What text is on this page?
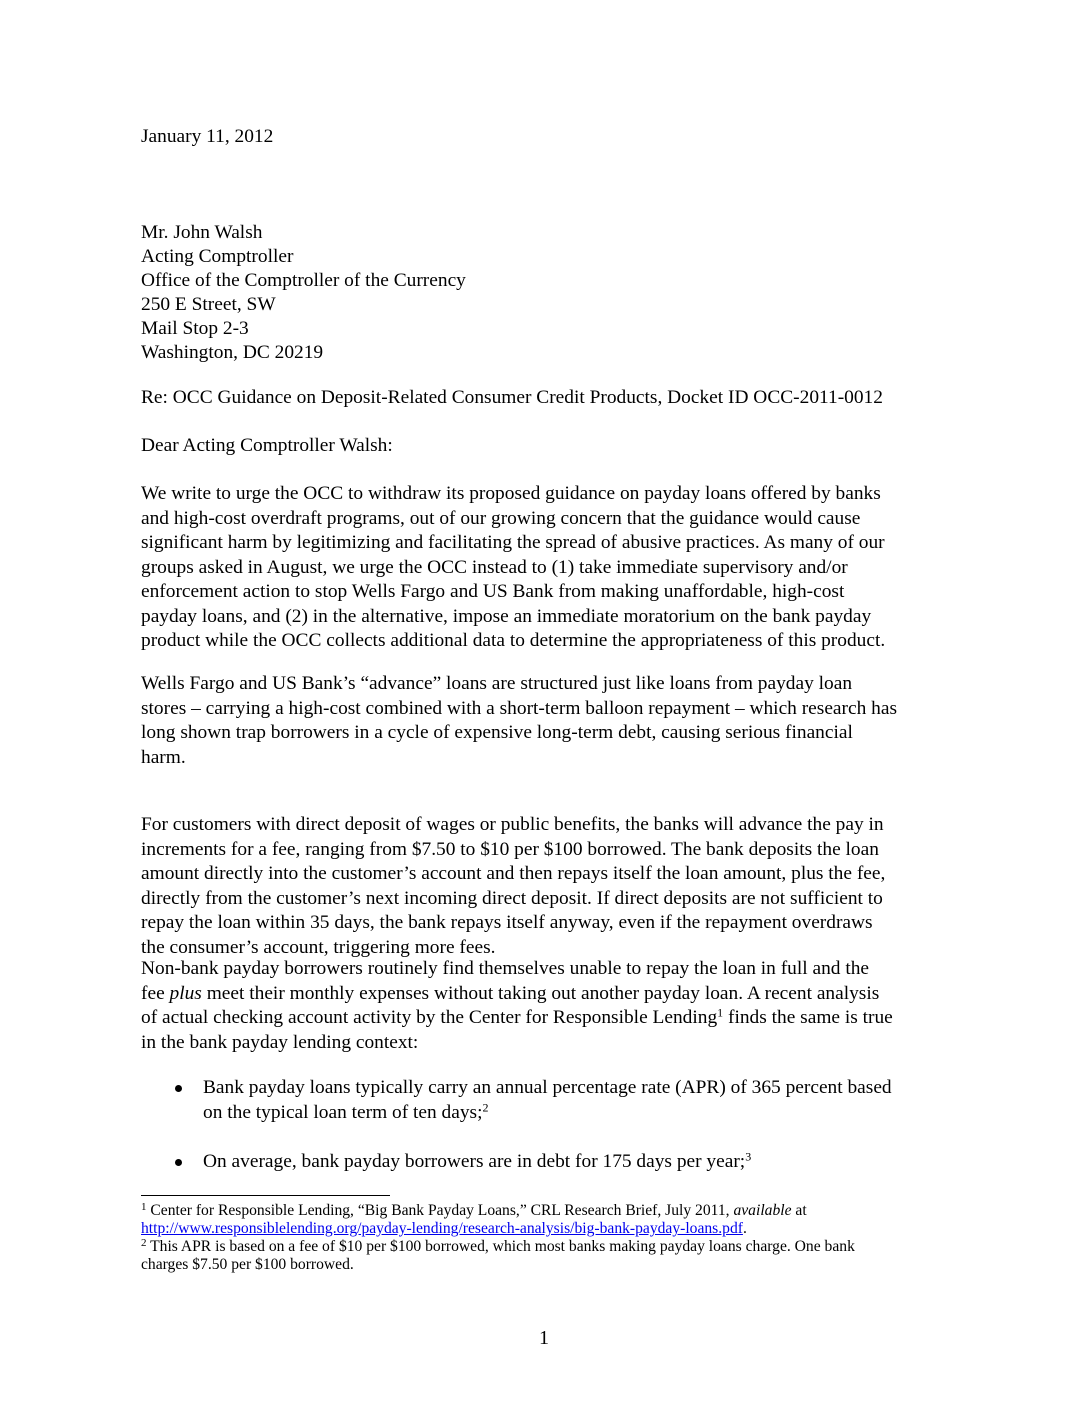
January 11, 2012
Mr. John Walsh
Acting Comptroller
Office of the Comptroller of the Currency
250 E Street, SW
Mail Stop 2-3
Washington, DC 20219
Re: OCC Guidance on Deposit-Related Consumer Credit Products, Docket ID OCC-2011-0012
Dear Acting Comptroller Walsh:

We write to urge the OCC to withdraw its proposed guidance on payday loans offered by banks
and high-cost overdraft programs, out of our growing concern that the guidance would cause
significant harm by legitimizing and facilitating the spread of abusive practices. As many of our
groups asked in August, we urge the OCC instead to (1) take immediate supervisory and/or
enforcement action to stop Wells Fargo and US Bank from making unaffordable, high-cost
payday loans, and (2) in the alternative, impose an immediate moratorium on the bank payday
product while the OCC collects additional data to determine the appropriateness of this product.

Wells Fargo and US Bank’s “advance” loans are structured just like loans from payday loan
stores – carrying a high-cost combined with a short-term balloon repayment – which research has
long shown trap borrowers in a cycle of expensive long-term debt, causing serious financial
harm.

For customers with direct deposit of wages or public benefits, the banks will advance the pay in
increments for a fee, ranging from $7.50 to $10 per $100 borrowed. The bank deposits the loan
amount directly into the customer’s account and then repays itself the loan amount, plus the fee,
directly from the customer’s next incoming direct deposit. If direct deposits are not sufficient to
repay the loan within 35 days, the bank repays itself anyway, even if the repayment overdraws
the consumer’s account, triggering more fees.

Non-bank payday borrowers routinely find themselves unable to repay the loan in full and the
fee plus meet their monthly expenses without taking out another payday loan. A recent analysis
of actual checking account activity by the Center for Responsible Lending$^1$ finds the same is true
in the bank payday lending context:

Bank payday loans typically carry an annual percentage rate (APR) of 365 percent based
on the typical loan term of ten days;$^2$
On average, bank payday borrowers are in debt for 175 days per year;$^3$
$^1$ Center for Responsible Lending, “Big Bank Payday Loans,” CRL Research Brief, July 2011, available at
http://www.responsiblelending.org/payday-lending/research-analysis/big-bank-payday-loans.pdf.
$^2$ This APR is based on a fee of $10 per $100 borrowed, which most banks making payday loans charge. One bank
charges $7.50 per $100 borrowed.
1
